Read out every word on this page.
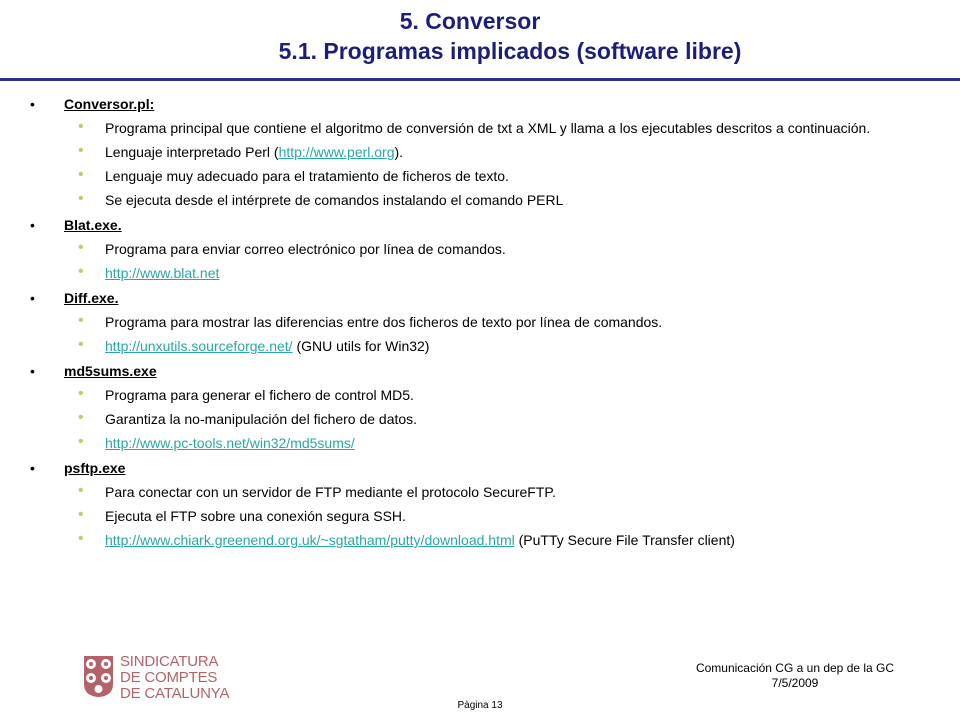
5. Conversor
5.1. Programas implicados (software libre)
• Conversor.pl:
• Programa principal que contiene el algoritmo de conversión de txt a XML y llama a los ejecutables descritos a continuación.
• Lenguaje interpretado Perl (http://www.perl.org).
• Lenguaje muy adecuado para el tratamiento de ficheros de texto.
• Se ejecuta desde el intérprete de comandos instalando el comando PERL
• Blat.exe.
• Programa para enviar correo electrónico por línea de comandos.
• http://www.blat.net
• Diff.exe.
• Programa para mostrar las diferencias entre dos ficheros de texto por línea de comandos.
• http://unxutils.sourceforge.net/ (GNU utils for Win32)
• md5sums.exe
• Programa para generar el fichero de control MD5.
• Garantiza la no-manipulación del fichero de datos.
• http://www.pc-tools.net/win32/md5sums/
• psftp.exe
• Para conectar con un servidor de FTP mediante el protocolo SecureFTP.
• Ejecuta el FTP sobre una conexión segura SSH.
• http://www.chiark.greenend.org.uk/~sgtatham/putty/download.html (PuTTy Secure File Transfer client)
SINDICATURA
DE COMPTES
DE CATALUNYA
Comunicación CG a un dep de la GC
7/5/2009
Pàgina 13
